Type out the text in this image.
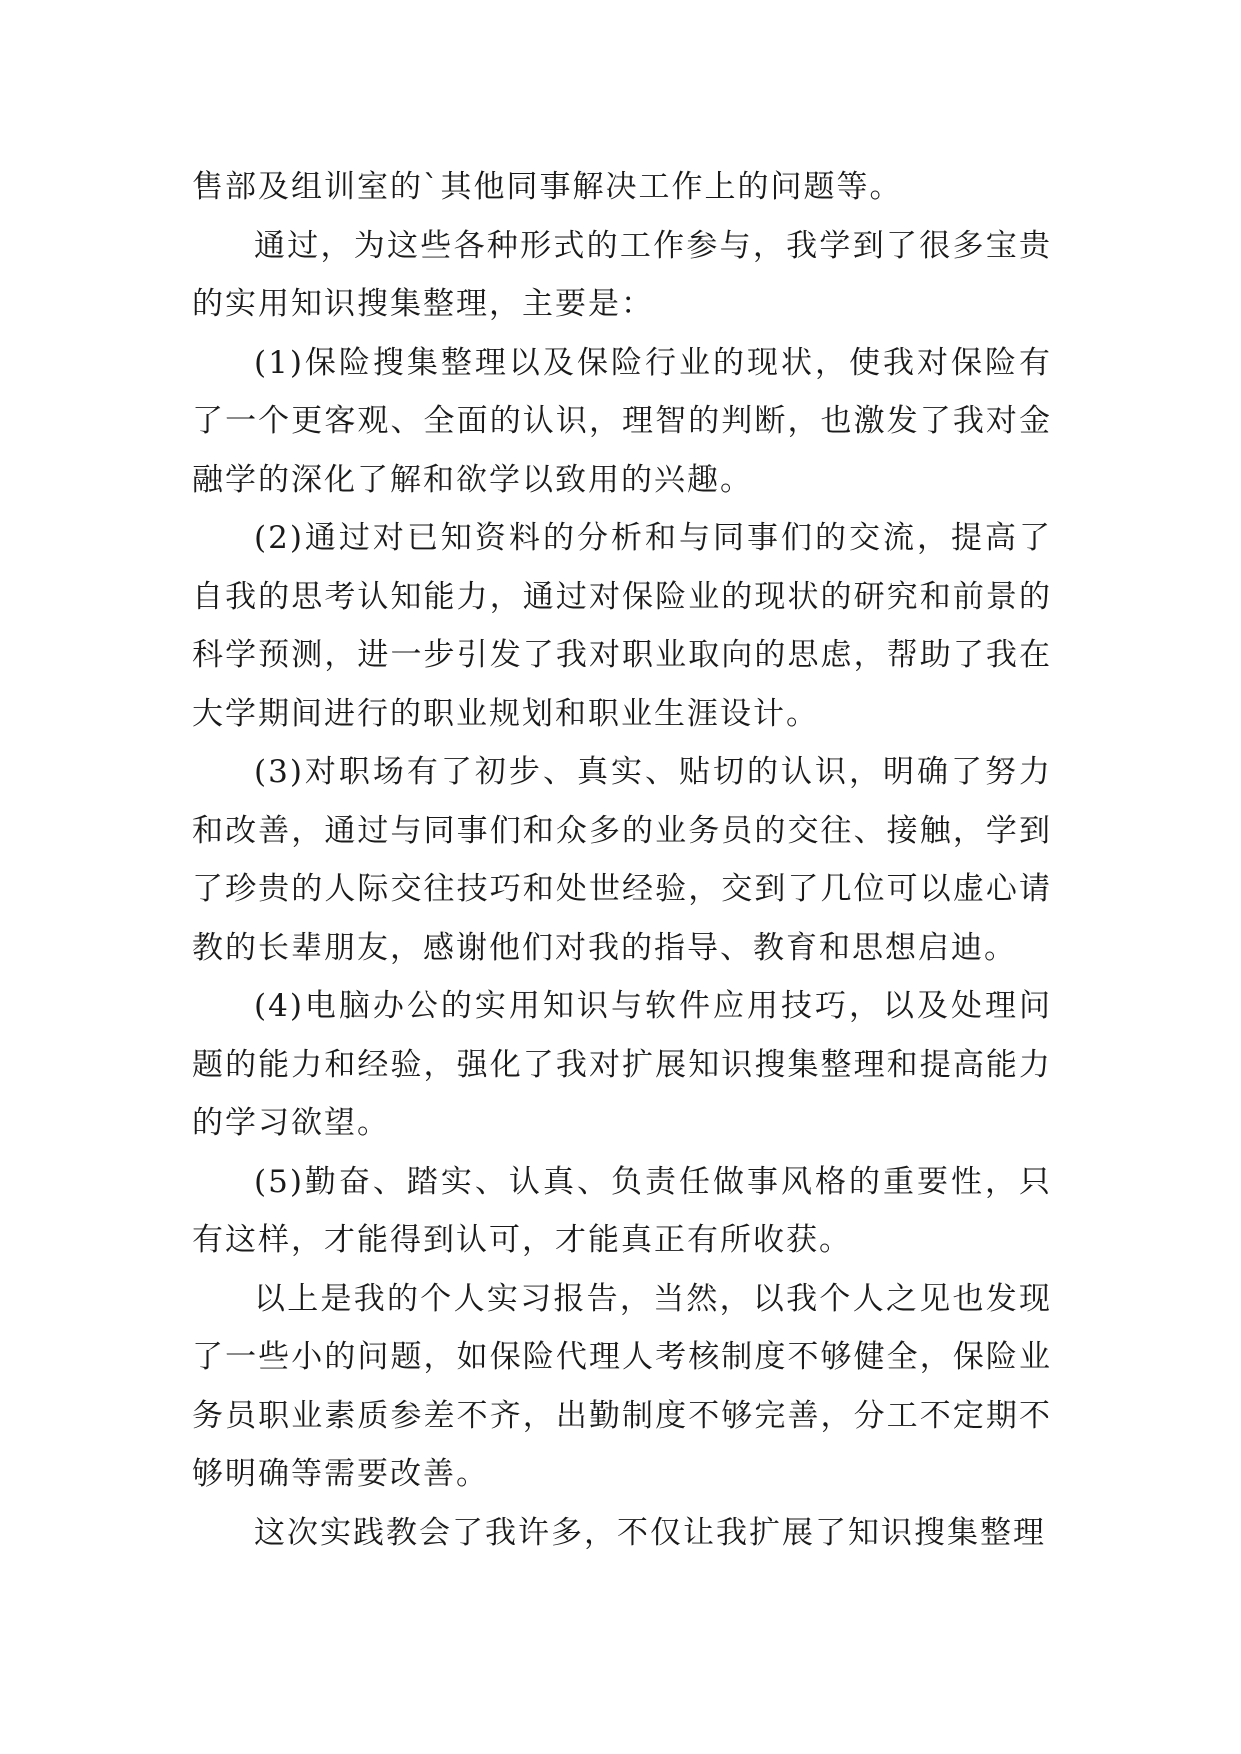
售部及组训室的`其他同事解决工作上的问题等。

通过，为这些各种形式的工作参与，我学到了很多宝贵的实用知识搜集整理，主要是：

(1)保险搜集整理以及保险行业的现状，使我对保险有了一个更客观、全面的认识，理智的判断，也激发了我对金融学的深化了解和欲学以致用的兴趣。

(2)通过对已知资料的分析和与同事们的交流，提高了自我的思考认知能力，通过对保险业的现状的研究和前景的科学预测，进一步引发了我对职业取向的思虑，帮助了我在大学期间进行的职业规划和职业生涯设计。

(3)对职场有了初步、真实、贴切的认识，明确了努力和改善，通过与同事们和众多的业务员的交往、接触，学到了珍贵的人际交往技巧和处世经验，交到了几位可以虚心请教的长辈朋友，感谢他们对我的指导、教育和思想启迪。

(4)电脑办公的实用知识与软件应用技巧，以及处理问题的能力和经验，强化了我对扩展知识搜集整理和提高能力的学习欲望。

(5)勤奋、踏实、认真、负责任做事风格的重要性，只有这样，才能得到认可，才能真正有所收获。

以上是我的个人实习报告，当然，以我个人之见也发现了一些小的问题，如保险代理人考核制度不够健全，保险业务员职业素质参差不齐，出勤制度不够完善，分工不定期不够明确等需要改善。

这次实践教会了我许多，不仅让我扩展了知识搜集整理
